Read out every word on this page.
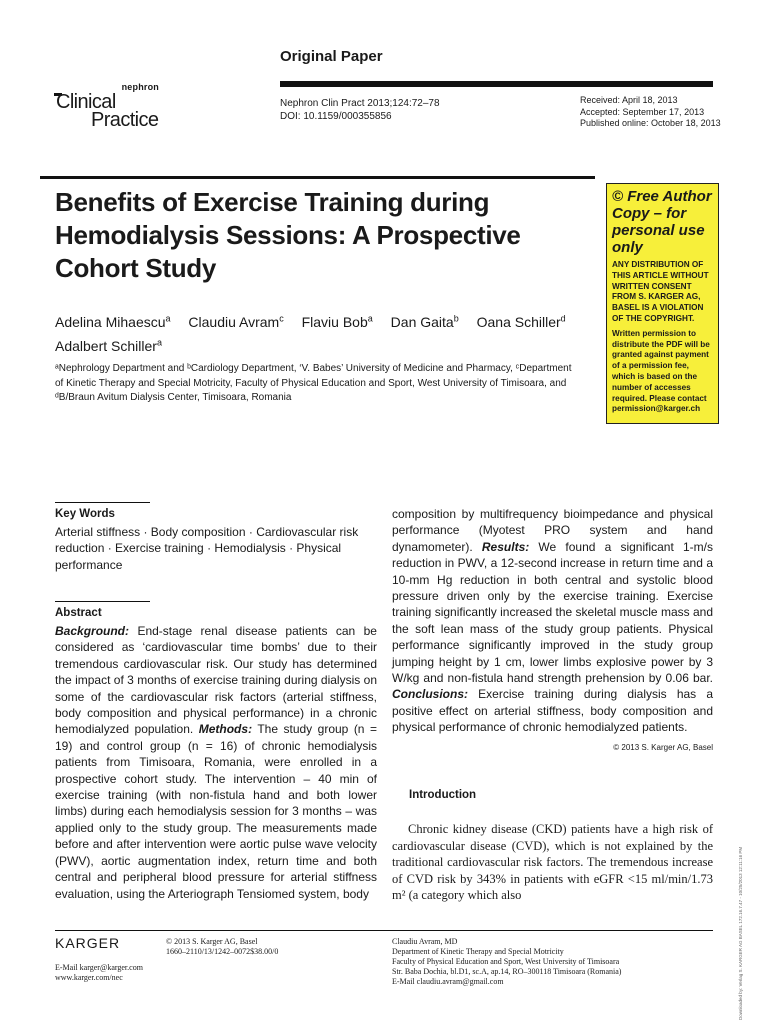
Original Paper
nephron
Clinical
Practice
Nephron Clin Pract 2013;124:72–78
DOI: 10.1159/000355856
Received: April 18, 2013
Accepted: September 17, 2013
Published online: October 18, 2013
Benefits of Exercise Training during Hemodialysis Sessions: A Prospective Cohort Study
Adelina Mihaescu$^a$ Claudiu Avram$^c$ Flaviu Bob$^a$ Dan Gaita$^b$ Oana Schiller$^d$ Adalbert Schiller$^a$
ᵃNephrology Department and ᵇCardiology Department, ‘V. Babes’ University of Medicine and Pharmacy, ᶜDepartment of Kinetic Therapy and Special Motricity, Faculty of Physical Education and Sport, West University of Timisoara, and ᵈB/Braun Avitum Dialysis Center, Timisoara, Romania
© Free Author Copy – for personal use only
ANY DISTRIBUTION OF THIS ARTICLE WITHOUT WRITTEN CONSENT FROM S. KARGER AG, BASEL IS A VIOLATION OF THE COPYRIGHT.
Written permission to distribute the PDF will be granted against payment of a permission fee, which is based on the number of accesses required. Please contact permission@karger.ch
Key Words
Arterial stiffness · Body composition · Cardiovascular risk reduction · Exercise training · Hemodialysis · Physical performance
Abstract
Background: End-stage renal disease patients can be considered as ‘cardiovascular time bombs’ due to their tremendous cardiovascular risk. Our study has determined the impact of 3 months of exercise training during dialysis on some of the cardiovascular risk factors (arterial stiffness, body composition and physical performance) in a chronic hemodialyzed population. Methods: The study group (n = 19) and control group (n = 16) of chronic hemodialysis patients from Timisoara, Romania, were enrolled in a prospective cohort study. The intervention – 40 min of exercise training (with non-fistula hand and both lower limbs) during each hemodialysis session for 3 months – was applied only to the study group. The measurements made before and after intervention were aortic pulse wave velocity (PWV), aortic augmentation index, return time and both central and peripheral blood pressure for arterial stiffness evaluation, using the Arteriograph Tensiomed system, body
composition by multifrequency bioimpedance and physical performance (Myotest PRO system and hand dynamometer). Results: We found a significant 1-m/s reduction in PWV, a 12-second increase in return time and a 10-mm Hg reduction in both central and systolic blood pressure driven only by the exercise training. Exercise training significantly increased the skeletal muscle mass and the soft lean mass of the study group patients. Physical performance significantly improved in the study group jumping height by 1 cm, lower limbs explosive power by 3 W/kg and non-fistula hand strength prehension by 0.06 bar. Conclusions: Exercise training during dialysis has a positive effect on arterial stiffness, body composition and physical performance of chronic hemodialyzed patients.
© 2013 S. Karger AG, Basel
Introduction
Chronic kidney disease (CKD) patients have a high risk of cardiovascular disease (CVD), which is not explained by the traditional cardiovascular risk factors. The tremendous increase of CVD risk by 343% in patients with eGFR <15 ml/min/1.73 m² (a category which also
KARGER	© 2013 S. Karger AG, Basel
1660–2110/13/1242–0072$38.00/0
E-Mail karger@karger.com
www.karger.com/nec
Claudiu Avram, MD
Department of Kinetic Therapy and Special Motricity
Faculty of Physical Education and Sport, West University of Timisoara
Str. Baba Dochia, bl.D1, sc.A, ap.14, RO–300118 Timisoara (Romania)
E-Mail claudiu.avram@gmail.com	Downloaded by: Verlag S. KARGER AG BASEL 172.16.7.47 - 10/25/2013 12:11:16 PM
